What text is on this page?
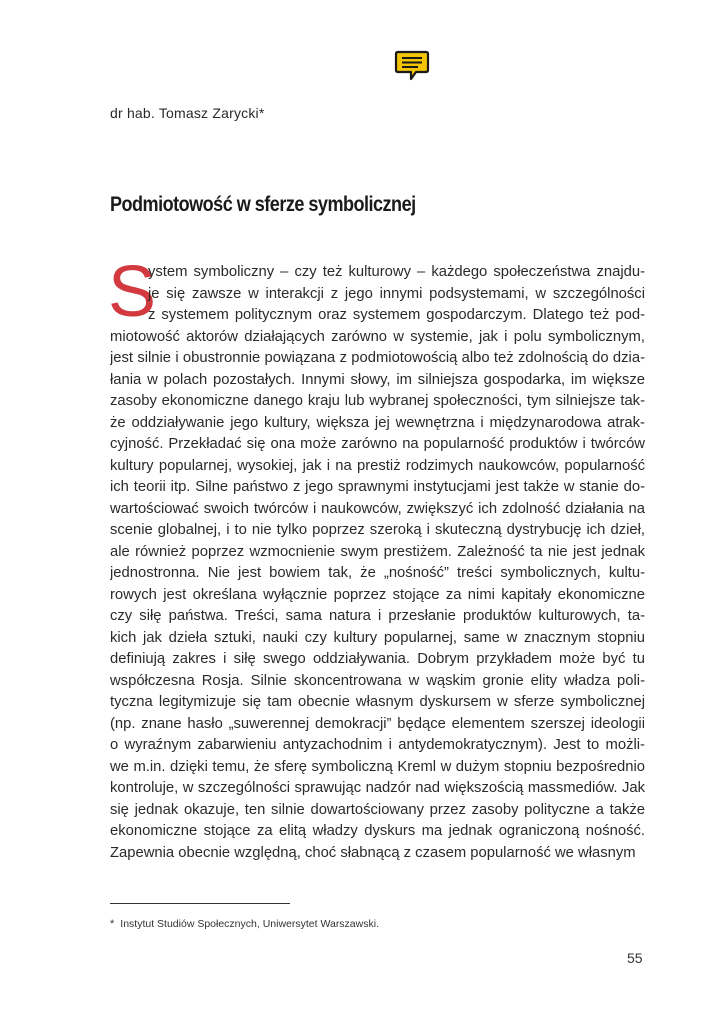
dr hab. Tomasz Zarycki*
Podmiotowość w sferze symbolicznej
S
ystem symboliczny – czy też kulturowy – każdego społeczeństwa znajdu-
je się zawsze w interakcji z jego innymi podsystemami, w szczególności
z systemem politycznym oraz systemem gospodarczym. Dlatego też pod-
miotowość aktorów działających zarówno w systemie, jak i polu symbolicznym,
jest silnie i obustronnie powiązana z podmiotowością albo też zdolnością do dzia-
łania w polach pozostałych. Innymi słowy, im silniejsza gospodarka, im większe
zasoby ekonomiczne danego kraju lub wybranej społeczności, tym silniejsze tak-
że oddziaływanie jego kultury, większa jej wewnętrzna i międzynarodowa atrak-
cyjność. Przekładać się ona może zarówno na popularność produktów i twórców
kultury popularnej, wysokiej, jak i na prestiż rodzimych naukowców, popularność
ich teorii itp. Silne państwo z jego sprawnymi instytucjami jest także w stanie do-
wartościować swoich twórców i naukowców, zwiększyć ich zdolność działania na
scenie globalnej, i to nie tylko poprzez szeroką i skuteczną dystrybucję ich dzieł,
ale również poprzez wzmocnienie swym prestiżem. Zależność ta nie jest jednak
jednostronna. Nie jest bowiem tak, że „nośność” treści symbolicznych, kultu-
rowych jest określana wyłącznie poprzez stojące za nimi kapitały ekonomiczne
czy siłę państwa. Treści, sama natura i przesłanie produktów kulturowych, ta-
kich jak dzieła sztuki, nauki czy kultury popularnej, same w znacznym stopniu
definiują zakres i siłę swego oddziaływania. Dobrym przykładem może być tu
współczesna Rosja. Silnie skoncentrowana w wąskim gronie elity władza poli-
tyczna legitymizuje się tam obecnie własnym dyskursem w sferze symbolicznej
(np. znane hasło „suwerennej demokracji” będące elementem szerszej ideologii
o wyraźnym zabarwieniu antyzachodnim i antydemokratycznym). Jest to możli-
we m.in. dzięki temu, że sferę symboliczną Kreml w dużym stopniu bezpośrednio
kontroluje, w szczególności sprawując nadzór nad większością massmediów. Jak
się jednak okazuje, ten silnie dowartościowany przez zasoby polityczne a także
ekonomiczne stojące za elitą władzy dyskurs ma jednak ograniczoną nośność.
Zapewnia obecnie względną, choć słabnącą z czasem popularność we własnym
* Instytut Studiów Społecznych, Uniwersytet Warszawski.
55
